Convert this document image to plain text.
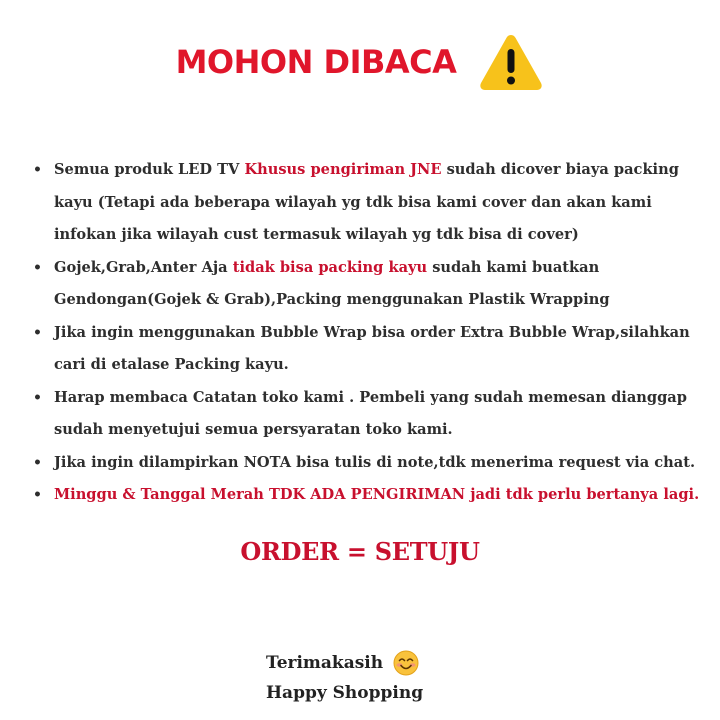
MOHON DIBACA
• Semua produk LED TV Khusus pengiriman JNE sudah dicover biaya packing kayu (Tetapi ada beberapa wilayah yg tdk bisa kami cover dan akan kami infokan jika wilayah cust termasuk wilayah yg tdk bisa di cover)
• Gojek,Grab,Anter Aja tidak bisa packing kayu sudah kami buatkan Gendongan(Gojek & Grab),Packing menggunakan Plastik Wrapping
• Jika ingin menggunakan Bubble Wrap bisa order Extra Bubble Wrap,silahkan cari di etalase Packing kayu.
• Harap membaca Catatan toko kami . Pembeli yang sudah memesan dianggap sudah menyetujui semua persyaratan toko kami.
• Jika ingin dilampirkan NOTA bisa tulis di note,tdk menerima request via chat.
• Minggu & Tanggal Merah TDK ADA PENGIRIMAN jadi tdk perlu bertanya lagi.
ORDER = SETUJU
Terimakasih
Happy Shopping
